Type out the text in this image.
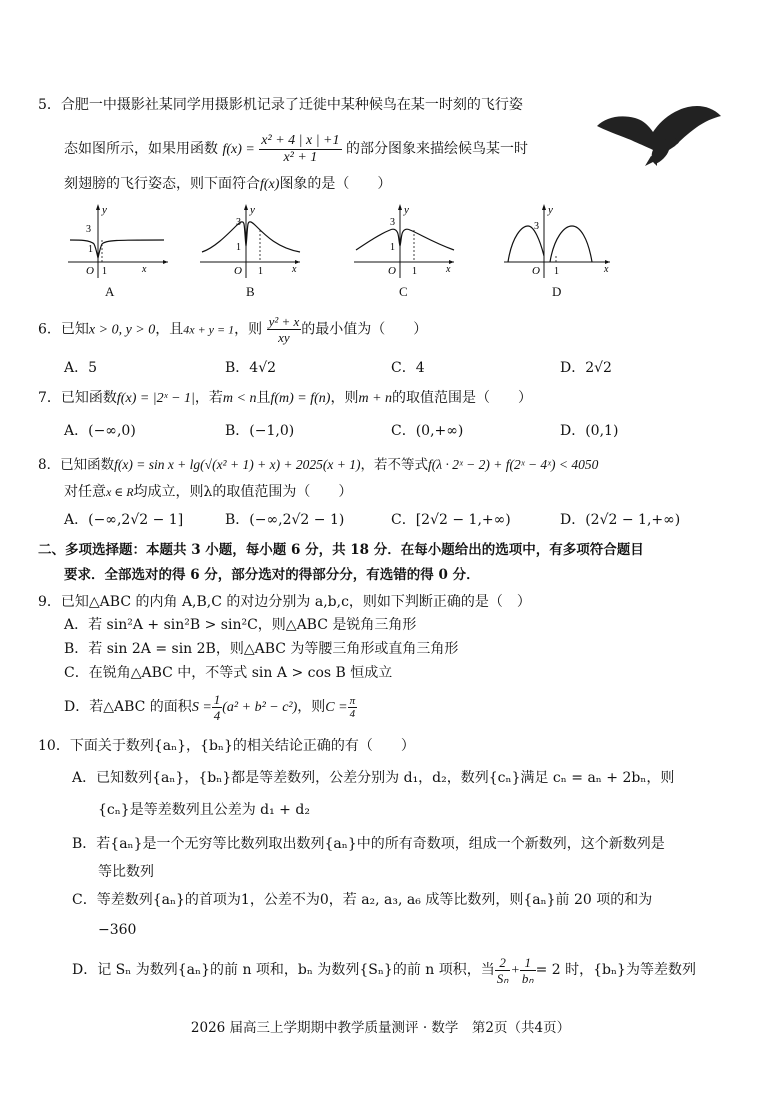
5．合肥一中摄影社某同学用摄影机记录了迁徙中某种候鸟在某一时刻的飞行姿
态如图所示，如果用函数 $f(x) = \frac{\text{x² + 4 | x | +1}}{\text{x² + 1}}$ 的部分图象来描绘候鸟某一时
刻翅膀的飞行姿态，则下面符合f(x)图象的是（　　）
y
x
O 1
3
1
A
y
x
O 1
3
1
B
y
x
O 1
3
1
C
y
x
O 1
3
D
6．已知x > 0, y > 0，且4x + y = 1，则 $\frac{\text{y² + x}}{xy}$ 的最小值为（　　）
A．5	B．4√2	C．4	D．2√2
7．已知函数f(x) = |2ˣ − 1|，若m < n且f(m) = f(n)，则m + n的取值范围是（　　）
A．(−∞,0)	B．(−1,0)	C．(0,+∞)	D．(0,1)
8．已知函数f(x) = sin x + lg(√(x² + 1) + x) + 2025(x + 1)，若不等式f(λ · 2ˣ − 2) + f(2ˣ − 4ˣ) < 4050
对任意x ∈ R均成立，则λ的取值范围为（　　）
A．(−∞,2√2 − 1]	B．(−∞,2√2 − 1)	C．[2√2 − 1,+∞)	D．(2√2 − 1,+∞)
二、多项选择题：本题共 3 小题，每小题 6 分，共 18 分．在每小题给出的选项中，有多项符合题目
要求．全部选对的得 6 分，部分选对的得部分分，有选错的得 0 分．
9．已知△ABC 的内角 A,B,C 的对边分别为 a,b,c，则如下判断正确的是（　）
A．若 sin²A + sin²B > sin²C，则△ABC 是锐角三角形
B．若 sin 2A = sin 2B，则△ABC 为等腰三角形或直角三角形
C．在锐角△ABC 中，不等式 sin A > cos B 恒成立
D．若△ABC 的面积$S = \frac{1}{4} (a^2 + b^2 - c^2)$，则$C = \frac{\pi}{4}$
10．下面关于数列{aₙ}，{bₙ}的相关结论正确的有（　　）
A．已知数列{aₙ}，{bₙ}都是等差数列，公差分别为 d₁，d₂，数列{cₙ}满足 cₙ = aₙ + 2bₙ，则
{cₙ}是等差数列且公差为 d₁ + d₂
B．若{aₙ}是一个无穷等比数列取出数列{aₙ}中的所有奇数项，组成一个新数列，这个新数列是
等比数列
C．等差数列{aₙ}的首项为1，公差不为0，若 a₂, a₃, a₆ 成等比数列，则{aₙ}前 20 项的和为
−360
D．记 Sₙ 为数列{aₙ}的前 n 项和，bₙ 为数列{Sₙ}的前 n 项积，当 $\frac{2}{\text{Sₙ}} + \frac{1}{\text{bₙ}} = 2$ 时，{bₙ}为等差数列
2026 届高三上学期期中教学质量测评 · 数学　第2页（共4页）
